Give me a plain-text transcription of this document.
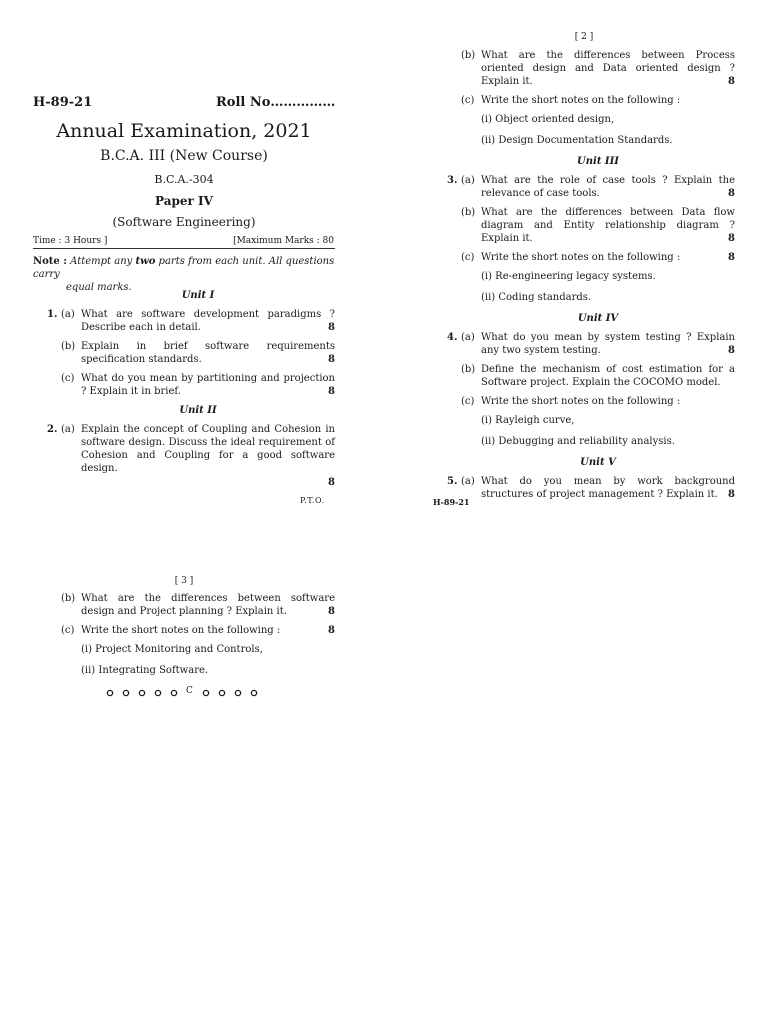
H-89-21	Roll No……………
Annual Examination, 2021
B.C.A. III (New Course)
B.C.A.-304
Paper IV
(Software Engineering)
Time : 3 Hours ]	[Maximum Marks : 80
Note : Attempt any two parts from each unit. All questions carry
equal marks.
Unit I
1. (a) What are software development paradigms ? Describe each in detail.	8
(b) Explain in brief software requirements specification standards.	8
(c) What do you mean by partitioning and projection ? Explain it in brief.	8
Unit II
2. (a) Explain the concept of Coupling and Cohesion in software design. Discuss the ideal requirement of Cohesion and Coupling for a good software design.
8
P.T.O.
[ 2 ]
(b) What are the differences between Process oriented design and Data oriented design ? Explain it.	8
(c) Write the short notes on the following :
(i) Object oriented design,
(ii) Design Documentation Standards.
Unit III
3. (a) What are the role of case tools ? Explain the relevance of case tools.	8
(b) What are the differences between Data flow diagram and Entity relationship diagram ? Explain it.	8
(c) Write the short notes on the following :	8
(i) Re-engineering legacy systems.
(ii) Coding standards.
Unit IV
4. (a) What do you mean by system testing ? Explain any two system testing.	8
(b) Define the mechanism of cost estimation for a Software project. Explain the COCOMO model.
(c) Write the short notes on the following :
(i) Rayleigh curve,
(ii) Debugging and reliability analysis.
Unit V
5. (a) What do you mean by work background structures of project management ? Explain it.	8
H-89-21
[ 3 ]
(b) What are the differences between software design and Project planning ? Explain it.	8
(c) Write the short notes on the following :	8
(i) Project Monitoring and Controls,
(ii) Integrating Software.
C
